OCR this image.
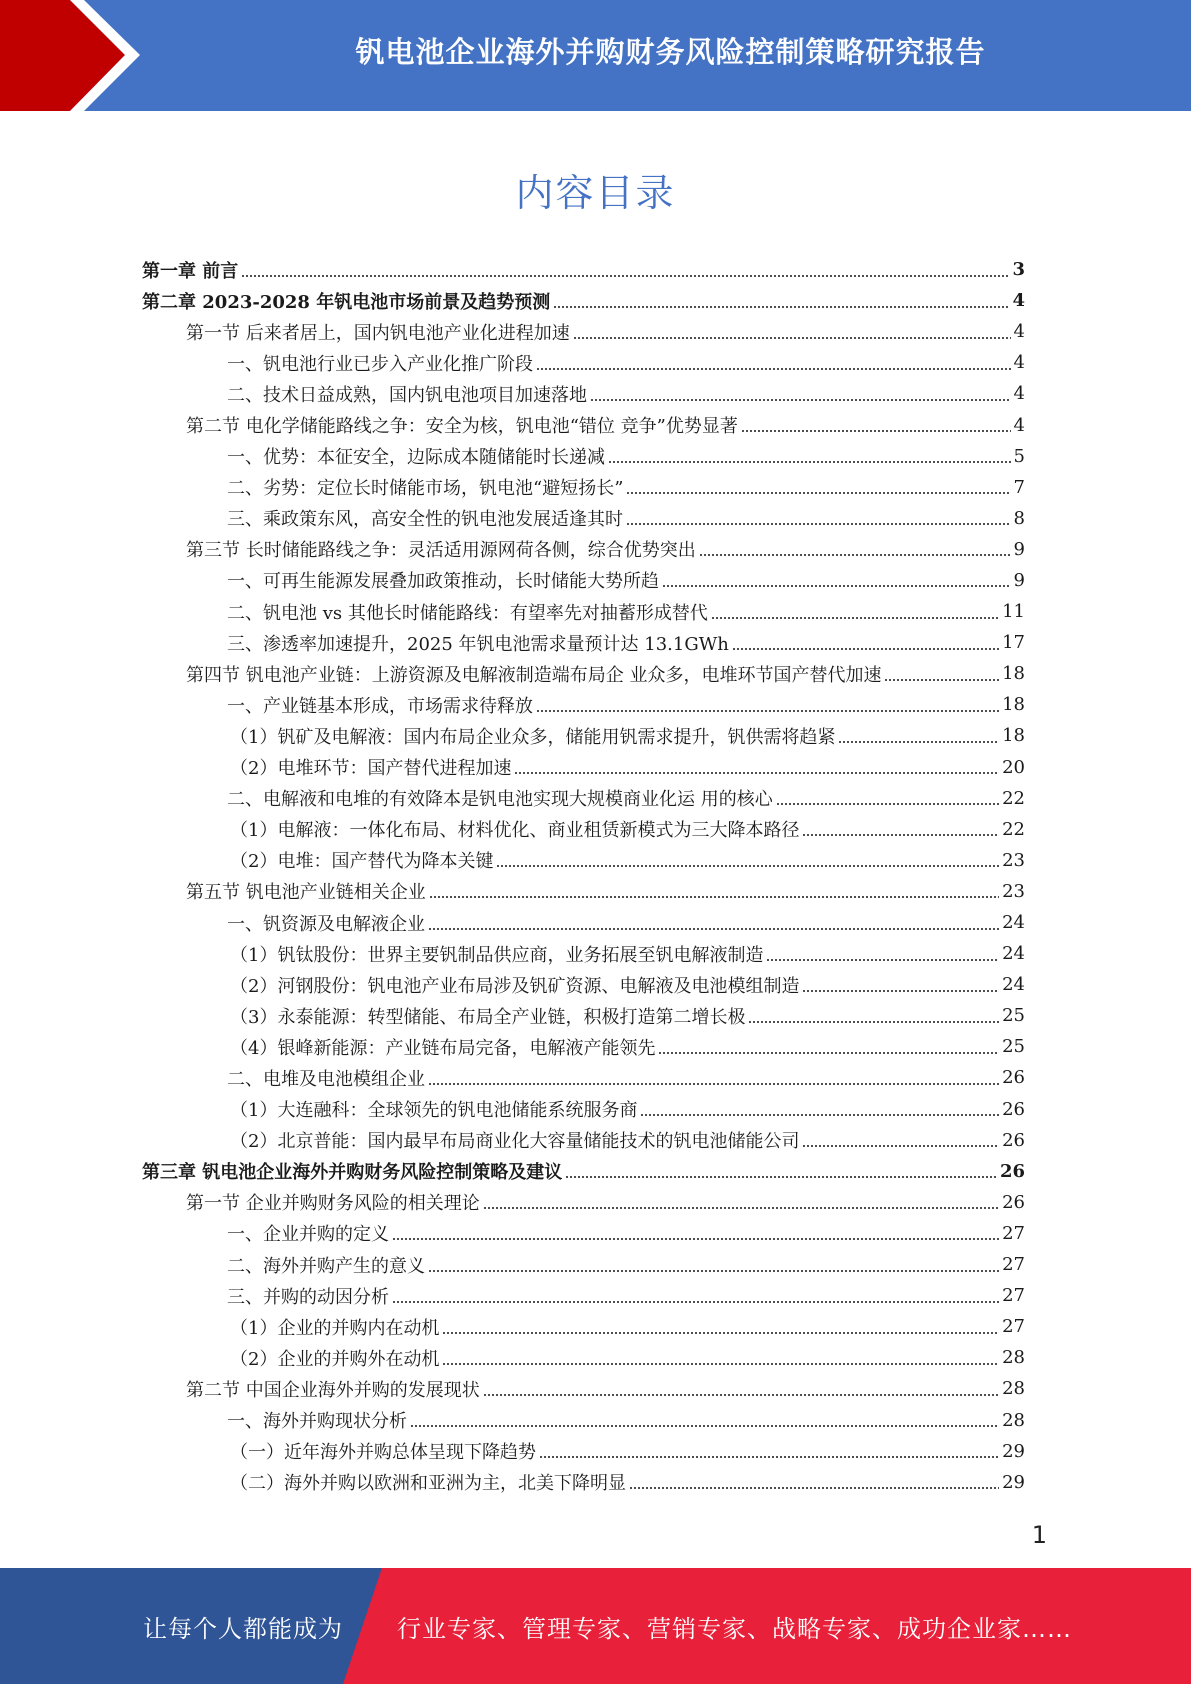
钒电池企业海外并购财务风险控制策略研究报告
内容目录
第一章 前言	3
第二章 2023-2028 年钒电池市场前景及趋势预测	4
第一节 后来者居上，国内钒电池产业化进程加速	4
一、钒电池行业已步入产业化推广阶段	4
二、技术日益成熟，国内钒电池项目加速落地	4
第二节 电化学储能路线之争：安全为核，钒电池“错位 竞争”优势显著	4
一、优势：本征安全，边际成本随储能时长递减	5
二、劣势：定位长时储能市场，钒电池“避短扬长”	7
三、乘政策东风，高安全性的钒电池发展适逢其时	8
第三节 长时储能路线之争：灵活适用源网荷各侧，综合优势突出	9
一、可再生能源发展叠加政策推动，长时储能大势所趋	9
二、钒电池 vs 其他长时储能路线：有望率先对抽蓄形成替代	11
三、渗透率加速提升，2025 年钒电池需求量预计达 13.1GWh	17
第四节 钒电池产业链：上游资源及电解液制造端布局企 业众多，电堆环节国产替代加速	18
一、产业链基本形成，市场需求待释放	18
（1）钒矿及电解液：国内布局企业众多，储能用钒需求提升，钒供需将趋紧	18
（2）电堆环节：国产替代进程加速	20
二、电解液和电堆的有效降本是钒电池实现大规模商业化运 用的核心	22
（1）电解液：一体化布局、材料优化、商业租赁新模式为三大降本路径	22
（2）电堆：国产替代为降本关键	23
第五节 钒电池产业链相关企业	23
一、钒资源及电解液企业	24
（1）钒钛股份：世界主要钒制品供应商，业务拓展至钒电解液制造	24
（2）河钢股份：钒电池产业布局涉及钒矿资源、电解液及电池模组制造	24
（3）永泰能源：转型储能、布局全产业链，积极打造第二增长极	25
（4）银峰新能源：产业链布局完备，电解液产能领先	25
二、电堆及电池模组企业	26
（1）大连融科：全球领先的钒电池储能系统服务商	26
（2）北京普能：国内最早布局商业化大容量储能技术的钒电池储能公司	26
第三章 钒电池企业海外并购财务风险控制策略及建议	26
第一节 企业并购财务风险的相关理论	26
一、企业并购的定义	27
二、海外并购产生的意义	27
三、并购的动因分析	27
（1）企业的并购内在动机	27
（2）企业的并购外在动机	28
第二节 中国企业海外并购的发展现状	28
一、海外并购现状分析	28
（一）近年海外并购总体呈现下降趋势	29
（二）海外并购以欧洲和亚洲为主，北美下降明显	29
1
让每个人都能成为 行业专家、管理专家、营销专家、战略专家、成功企业家……
